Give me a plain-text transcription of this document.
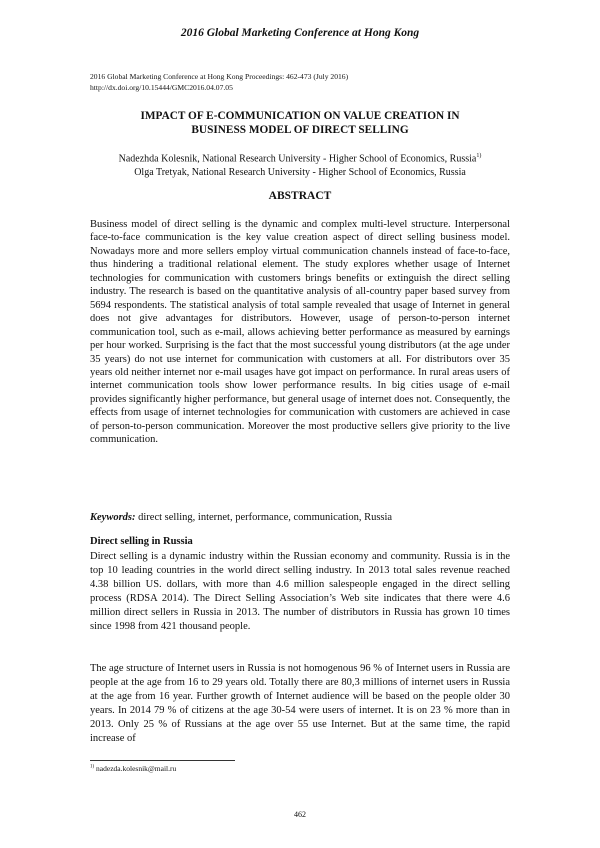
2016 Global Marketing Conference at Hong Kong
2016 Global Marketing Conference at Hong Kong Proceedings: 462-473 (July 2016)
http://dx.doi.org/10.15444/GMC2016.04.07.05
IMPACT OF E-COMMUNICATION ON VALUE CREATION IN
BUSINESS MODEL OF DIRECT SELLING
Nadezhda Kolesnik, National Research University - Higher School of Economics, Russia$^{1)}$
Olga Tretyak, National Research University - Higher School of Economics, Russia
ABSTRACT

Business model of direct selling is the dynamic and complex multi-level structure. Interpersonal face-to-face communication is the key value creation aspect of direct selling business model. Nowadays more and more sellers employ virtual communication channels instead of face-to-face, thus hindering a traditional relational element. The study explores whether usage of Internet technologies for communication with customers brings benefits or extinguish the direct selling industry. The research is based on the quantitative analysis of all-country paper based survey from 5694 respondents. The statistical analysis of total sample revealed that usage of Internet in general does not give advantages for distributors. However, usage of person-to-person internet communication tool, such as e-mail, allows achieving better performance as measured by earnings per hour worked. Surprising is the fact that the most successful young distributors (at the age under 35 years) do not use internet for communication with customers at all. For distributors over 35 years old neither internet nor e-mail usages have got impact on performance. In rural areas users of internet communication tools show lower performance results. In big cities usage of e-mail provides significantly higher performance, but general usage of internet does not. Consequently, the effects from usage of internet technologies for communication with customers are achieved in case of person-to-person communication. Moreover the most productive sellers give priority to the live communication.

Keywords: direct selling, internet, performance, communication, Russia

Direct selling in Russia

Direct selling is a dynamic industry within the Russian economy and community. Russia is in the top 10 leading countries in the world direct selling industry. In 2013 total sales revenue reached 4.38 billion US. dollars, with more than 4.6 million salespeople engaged in the direct selling process (RDSA 2014). The Direct Selling Association’s Web site indicates that there were 4.6 million direct sellers in Russia in 2013. The number of distributors in Russia has grown 10 times since 1998 from 421 thousand people.

The age structure of Internet users in Russia is not homogenous 96 % of Internet users in Russia are people at the age from 16 to 29 years old. Totally there are 80,3 millions of internet users in Russia at the age from 16 year. Further growth of Internet audience will be based on the people older 30 years. In 2014 79 % of citizens at the age 30-54 were users of internet. It is on 23 % more than in 2013. Only 25 % of Russians at the age over 55 use Internet. But at the same time, the rapid increase of

$^{1)}$ nadezda.kolesnik@mail.ru
462
